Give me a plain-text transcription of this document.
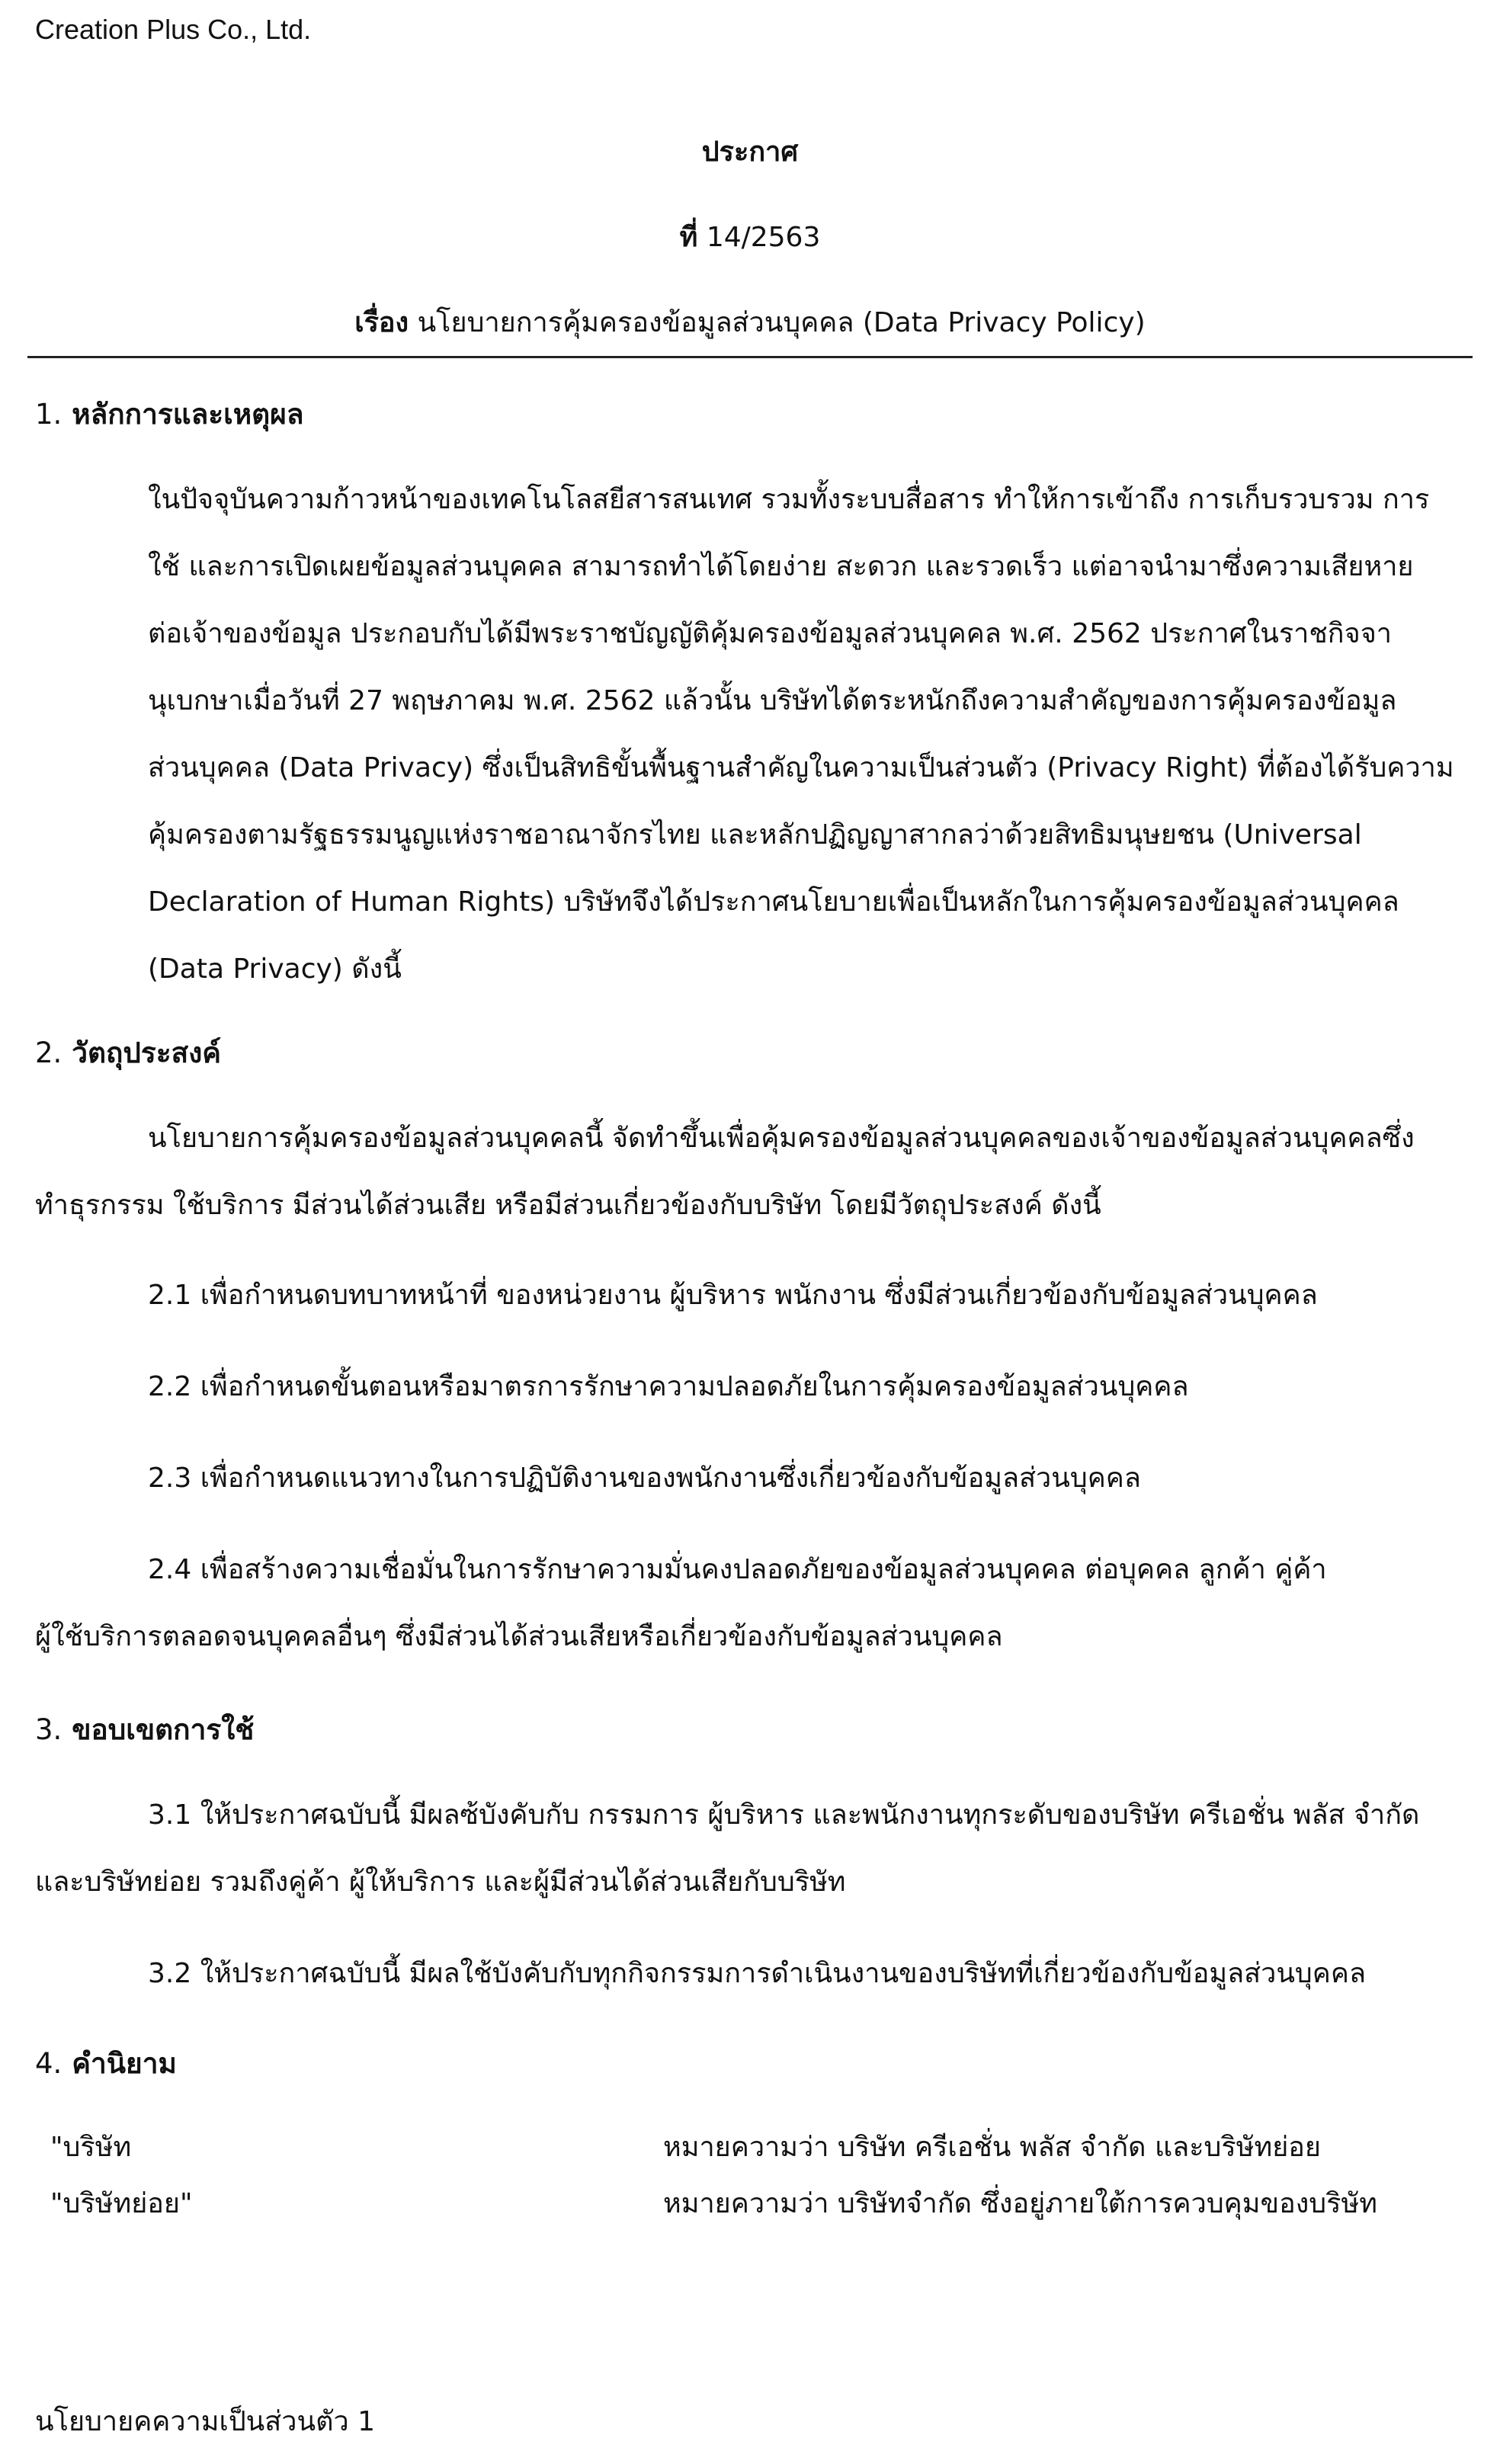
Creation Plus Co., Ltd.
ประกาศ
ที่ 14/2563
เรื่อง นโยบายการคุ้มครองข้อมูลส่วนบุคคล (Data Privacy Policy)
1. หลักการและเหตุผล
ในปัจจุบันความก้าวหน้าของเทคโนโลสยีสารสนเทศ รวมทั้งระบบสื่อสาร ทำให้การเข้าถึง การเก็บรวบรวม การ
ใช้ และการเปิดเผยข้อมูลส่วนบุคคล สามารถทำได้โดยง่าย สะดวก และรวดเร็ว แต่อาจนำมาซึ่งความเสียหาย
ต่อเจ้าของข้อมูล ประกอบกับได้มีพระราชบัญญัติคุ้มครองข้อมูลส่วนบุคคล พ.ศ. 2562 ประกาศในราชกิจจา
นุเบกษาเมื่อวันที่ 27 พฤษภาคม พ.ศ. 2562 แล้วนั้น บริษัทได้ตระหนักถึงความสำคัญของการคุ้มครองข้อมูล
ส่วนบุคคล (Data Privacy) ซึ่งเป็นสิทธิขั้นพื้นฐานสำคัญในความเป็นส่วนตัว (Privacy Right) ที่ต้องได้รับความ
คุ้มครองตามรัฐธรรมนูญแห่งราชอาณาจักรไทย และหลักปฏิญญาสากลว่าด้วยสิทธิมนุษยชน (Universal
Declaration of Human Rights) บริษัทจึงได้ประกาศนโยบายเพื่อเป็นหลักในการคุ้มครองข้อมูลส่วนบุคคล
(Data Privacy) ดังนี้
2. วัตถุประสงค์
นโยบายการคุ้มครองข้อมูลส่วนบุคคลนี้ จัดทำขึ้นเพื่อคุ้มครองข้อมูลส่วนบุคคลของเจ้าของข้อมูลส่วนบุคคลซึ่ง
ทำธุรกรรม ใช้บริการ มีส่วนได้ส่วนเสีย หรือมีส่วนเกี่ยวข้องกับบริษัท โดยมีวัตถุประสงค์ ดังนี้
2.1 เพื่อกำหนดบทบาทหน้าที่ ของหน่วยงาน ผู้บริหาร พนักงาน ซึ่งมีส่วนเกี่ยวข้องกับข้อมูลส่วนบุคคล
2.2 เพื่อกำหนดขั้นตอนหรือมาตรการรักษาความปลอดภัยในการคุ้มครองข้อมูลส่วนบุคคล
2.3 เพื่อกำหนดแนวทางในการปฏิบัติงานของพนักงานซึ่งเกี่ยวข้องกับข้อมูลส่วนบุคคล
2.4 เพื่อสร้างความเชื่อมั่นในการรักษาความมั่นคงปลอดภัยของข้อมูลส่วนบุคคล ต่อบุคคล ลูกค้า คู่ค้า
ผู้ใช้บริการตลอดจนบุคคลอื่นๆ ซึ่งมีส่วนได้ส่วนเสียหรือเกี่ยวข้องกับข้อมูลส่วนบุคคล
3. ขอบเขตการใช้
3.1 ให้ประกาศฉบับนี้ มีผลซ้บังคับกับ กรรมการ ผู้บริหาร และพนักงานทุกระดับของบริษัท ครีเอชั่น พลัส จำกัด
และบริษัทย่อย รวมถึงคู่ค้า ผู้ให้บริการ และผู้มีส่วนได้ส่วนเสียกับบริษัท
3.2 ให้ประกาศฉบับนี้ มีผลใช้บังคับกับทุกกิจกรรมการดำเนินงานของบริษัทที่เกี่ยวข้องกับข้อมูลส่วนบุคคล
4. คำนิยาม
"บริษัท	หมายความว่า บริษัท ครีเอชั่น พลัส จำกัด และบริษัทย่อย
"บริษัทย่อย"	หมายความว่า บริษัทจำกัด ซึ่งอยู่ภายใต้การควบคุมของบริษัท
นโยบายคความเป็นส่วนตัว 1
